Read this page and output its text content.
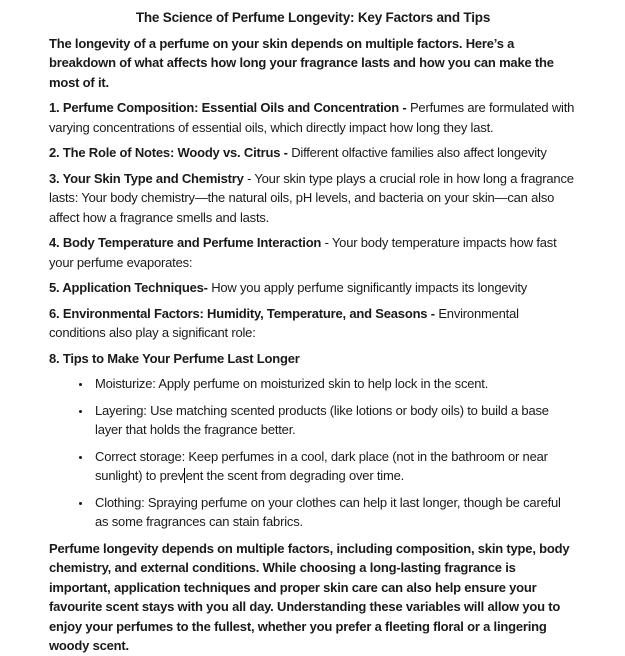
The Science of Perfume Longevity: Key Factors and Tips

The longevity of a perfume on your skin depends on multiple factors. Here’s a breakdown of what affects how long your fragrance lasts and how you can make the most of it.

1. Perfume Composition: Essential Oils and Concentration - Perfumes are formulated with varying concentrations of essential oils, which directly impact how long they last.

2. The Role of Notes: Woody vs. Citrus - Different olfactive families also affect longevity

3. Your Skin Type and Chemistry - Your skin type plays a crucial role in how long a fragrance lasts: Your body chemistry—the natural oils, pH levels, and bacteria on your skin—can also affect how a fragrance smells and lasts.

4. Body Temperature and Perfume Interaction - Your body temperature impacts how fast your perfume evaporates:

5. Application Techniques- How you apply perfume significantly impacts its longevity

6. Environmental Factors: Humidity, Temperature, and Seasons - Environmental conditions also play a significant role:

8. Tips to Make Your Perfume Last Longer

• Moisturize: Apply perfume on moisturized skin to help lock in the scent.
• Layering: Use matching scented products (like lotions or body oils) to build a base layer that holds the fragrance better.
• Correct storage: Keep perfumes in a cool, dark place (not in the bathroom or near sunlight) to prev ent the scent from degrading over time.
• Clothing: Spraying perfume on your clothes can help it last longer, though be careful as some fragrances can stain fabrics.

Perfume longevity depends on multiple factors, including composition, skin type, body chemistry, and external conditions. While choosing a long-lasting fragrance is important, application techniques and proper skin care can also help ensure your favourite scent stays with you all day. Understanding these variables will allow you to enjoy your perfumes to the fullest, whether you prefer a fleeting floral or a lingering woody scent.
